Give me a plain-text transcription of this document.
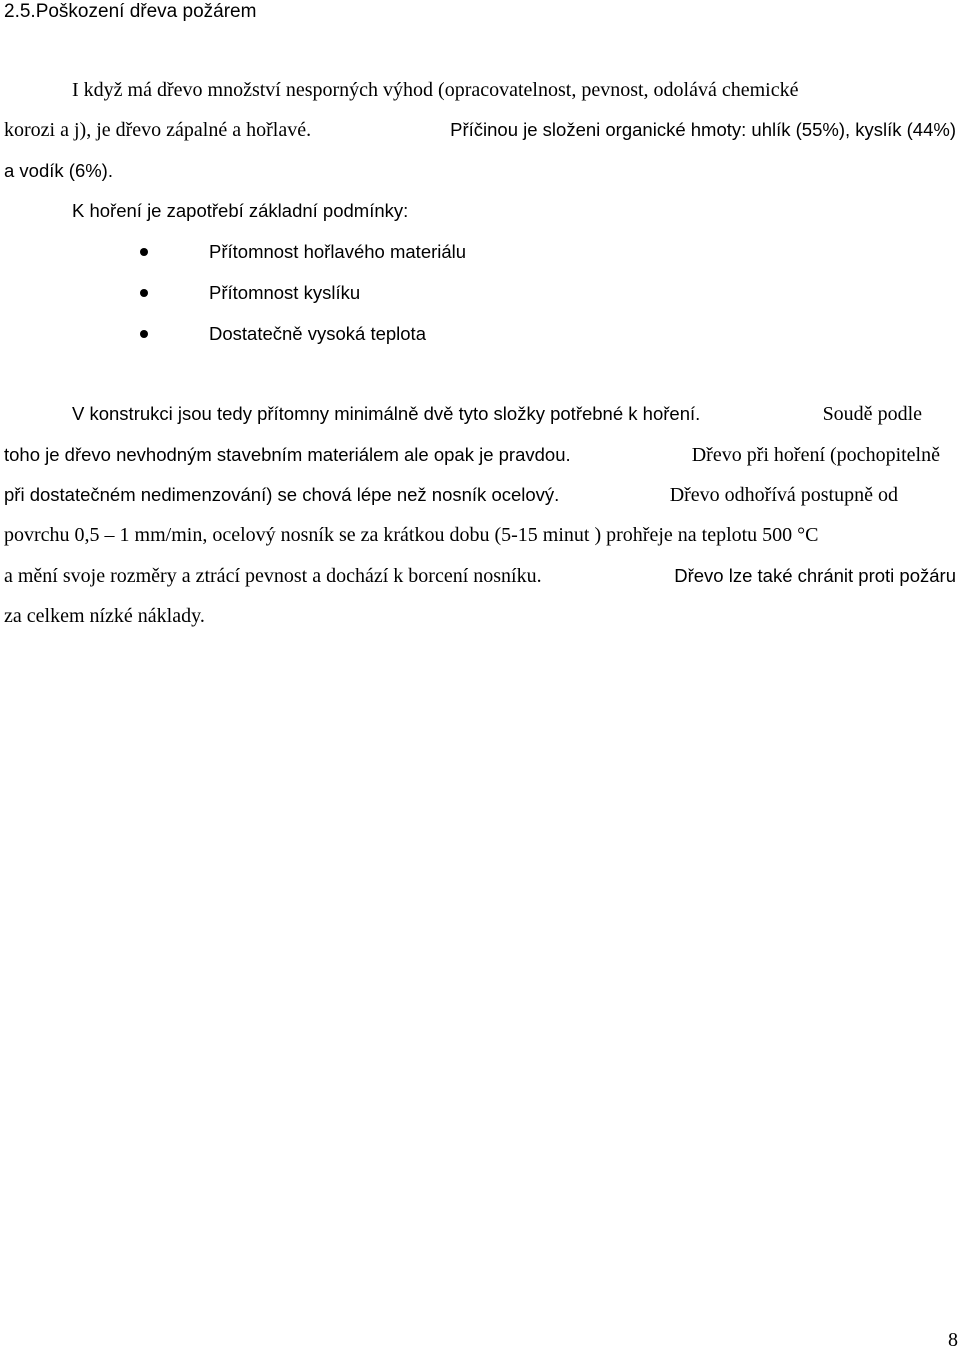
2.5.Poškození dřeva požárem
I když má dřevo množství nesporných výhod (opracovatelnost, pevnost, odolává chemické
korozi a j), je dřevo zápalné a hořlavé.	Příčinou je složeni organické hmoty: uhlík (55%), kyslík (44%)
a vodík (6%).
K hoření je zapotřebí základní podmínky:
Přítomnost hořlavého materiálu
Přítomnost kyslíku
Dostatečně vysoká teplota
V konstrukci jsou tedy přítomny minimálně dvě tyto složky potřebné k hoření.	Soudě podle
toho je dřevo nevhodným stavebním materiálem ale opak je pravdou.	Dřevo při hoření (pochopitelně
při dostatečném nedimenzování) se chová lépe než nosník ocelový.	Dřevo odhořívá postupně od
povrchu 0,5 – 1 mm/min, ocelový nosník se za krátkou dobu (5-15 minut ) prohřeje na teplotu 500 °C
a mění svoje rozměry a ztrácí pevnost a dochází k borcení nosníku.	Dřevo lze také chránit proti požáru
za celkem nízké náklady.
8
